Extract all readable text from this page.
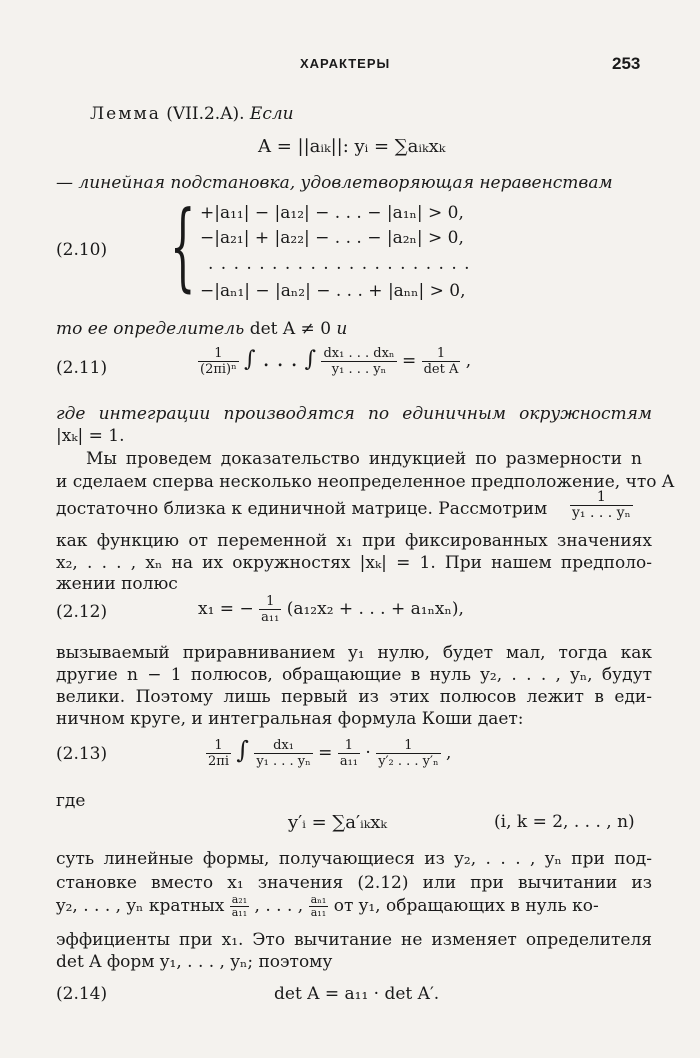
ХАРАКТЕРЫ	253
Лемма (VII.2.A). Если
A = ||aᵢₖ||: yᵢ = ∑aᵢₖxₖ
— линейная подстановка, удовлетворяющая неравенствам
(2.10) { +|a₁₁| − |a₁₂| − . . . − |a₁ₙ| > 0,
−|a₂₁| + |a₂₂| − . . . − |a₂ₙ| > 0,
. . . . . . . . . . . . . . . . . . . . .
−|aₙ₁| − |aₙ₂| − . . . + |aₙₙ| > 0,
то ее определитель det A ≠ 0 и
(2.11)	$\frac{1}{\text{(2πi)ⁿ}}$ ∫ . . . ∫ $\frac{\text{dx₁ . . . dxₙ}}{\text{y₁ . . . yₙ}} = \frac{1}{\text{det A}}$ ,
где интеграции производятся по единичным окружностям
|xₖ| = 1.
Мы проведем доказательство индукцией по размерности n
и сделаем сперва несколько неопределенное предположение, что A
достаточно близка к единичной матрице. Рассмотрим $\frac{1}{\text{y₁ . . . yₙ}}$
как функцию от переменной x₁ при фиксированных значениях
x₂, . . . , xₙ на их окружностях |xₖ| = 1. При нашем предполо-
жении полюс
(2.12)	x₁ = − $\frac{1}{\text{a₁₁}} (a_{12}x_2$ + . . . + a₁ₙxₙ),
вызываемый приравниванием y₁ нулю, будет мал, тогда как
другие n − 1 полюсов, обращающие в нуль y₂, . . . , yₙ, будут
велики. Поэтому лишь первый из этих полюсов лежит в еди-
ничном круге, и интегральная формула Коши дает:
(2.13)	$\frac{1}{2\pi i}$ ∫ $\frac{\text{dx₁}}{\text{y₁ . . . yₙ}} = \frac{1}{\text{a₁₁}} \cdot \frac{1}{\text{y′₂ . . . y′ₙ}}$ ,
где
y′ᵢ = ∑a′ᵢₖxₖ	(i, k = 2, . . . , n)
суть линейные формы, получающиеся из y₂, . . . , yₙ при под-
становке вместо x₁ значения (2.12) или при вычитании из
y₂, . . . , yₙ кратных $\frac{\text{a₂₁}}{\text{a₁₁}}$ , . . . , $\frac{\text{aₙ₁}}{\text{a₁₁}}$ от y₁, обращающих в нуль ко-
эффициенты при x₁. Это вычитание не изменяет определителя
det A форм y₁, . . . , yₙ; поэтому
(2.14)	det A = a₁₁ · det A′.
